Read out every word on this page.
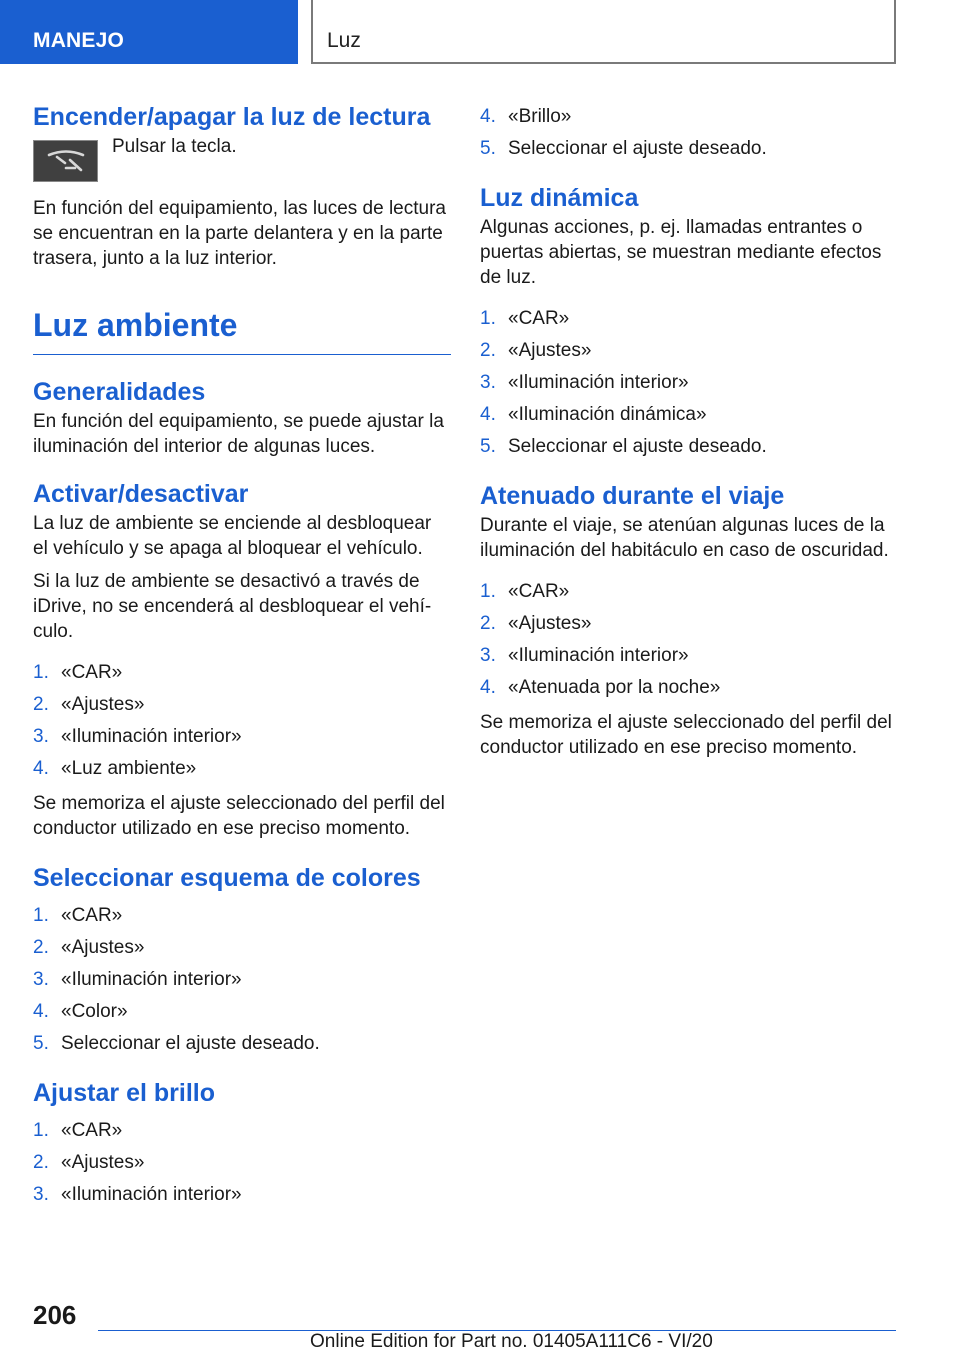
MANEJO	Luz
Encender/apagar la luz de lectura

Pulsar la tecla.

En función del equipamiento, las luces de lectura se encuentran en la parte delantera y en la parte trasera, junto a la luz interior.

Luz ambiente
Generalidades

En función del equipamiento, se puede ajustar la iluminación del interior de algunas luces.

Activar/desactivar

La luz de ambiente se enciende al desbloquear el vehículo y se apaga al bloquear el vehículo.

Si la luz de ambiente se desactivó a través de iDrive, no se encenderá al desbloquear el vehículo.

1. «CAR»
2. «Ajustes»
3. «Iluminación interior»
4. «Luz ambiente»

Se memoriza el ajuste seleccionado del perfil del conductor utilizado en ese preciso momento.

Seleccionar esquema de colores
1. «CAR»
2. «Ajustes»
3. «Iluminación interior»
4. «Color»
5. Seleccionar el ajuste deseado.
Ajustar el brillo
1. «CAR»
2. «Ajustes»
3. «Iluminación interior»
4. «Brillo»
5. Seleccionar el ajuste deseado.
Luz dinámica

Algunas acciones, p. ej. llamadas entrantes o puertas abiertas, se muestran mediante efectos de luz.

1. «CAR»
2. «Ajustes»
3. «Iluminación interior»
4. «Iluminación dinámica»
5. Seleccionar el ajuste deseado.
Atenuado durante el viaje

Durante el viaje, se atenúan algunas luces de la iluminación del habitáculo en caso de oscuridad.

1. «CAR»
2. «Ajustes»
3. «Iluminación interior»
4. «Atenuada por la noche»

Se memoriza el ajuste seleccionado del perfil del conductor utilizado en ese preciso momento.

206
Online Edition for Part no. 01405A111C6 - VI/20
